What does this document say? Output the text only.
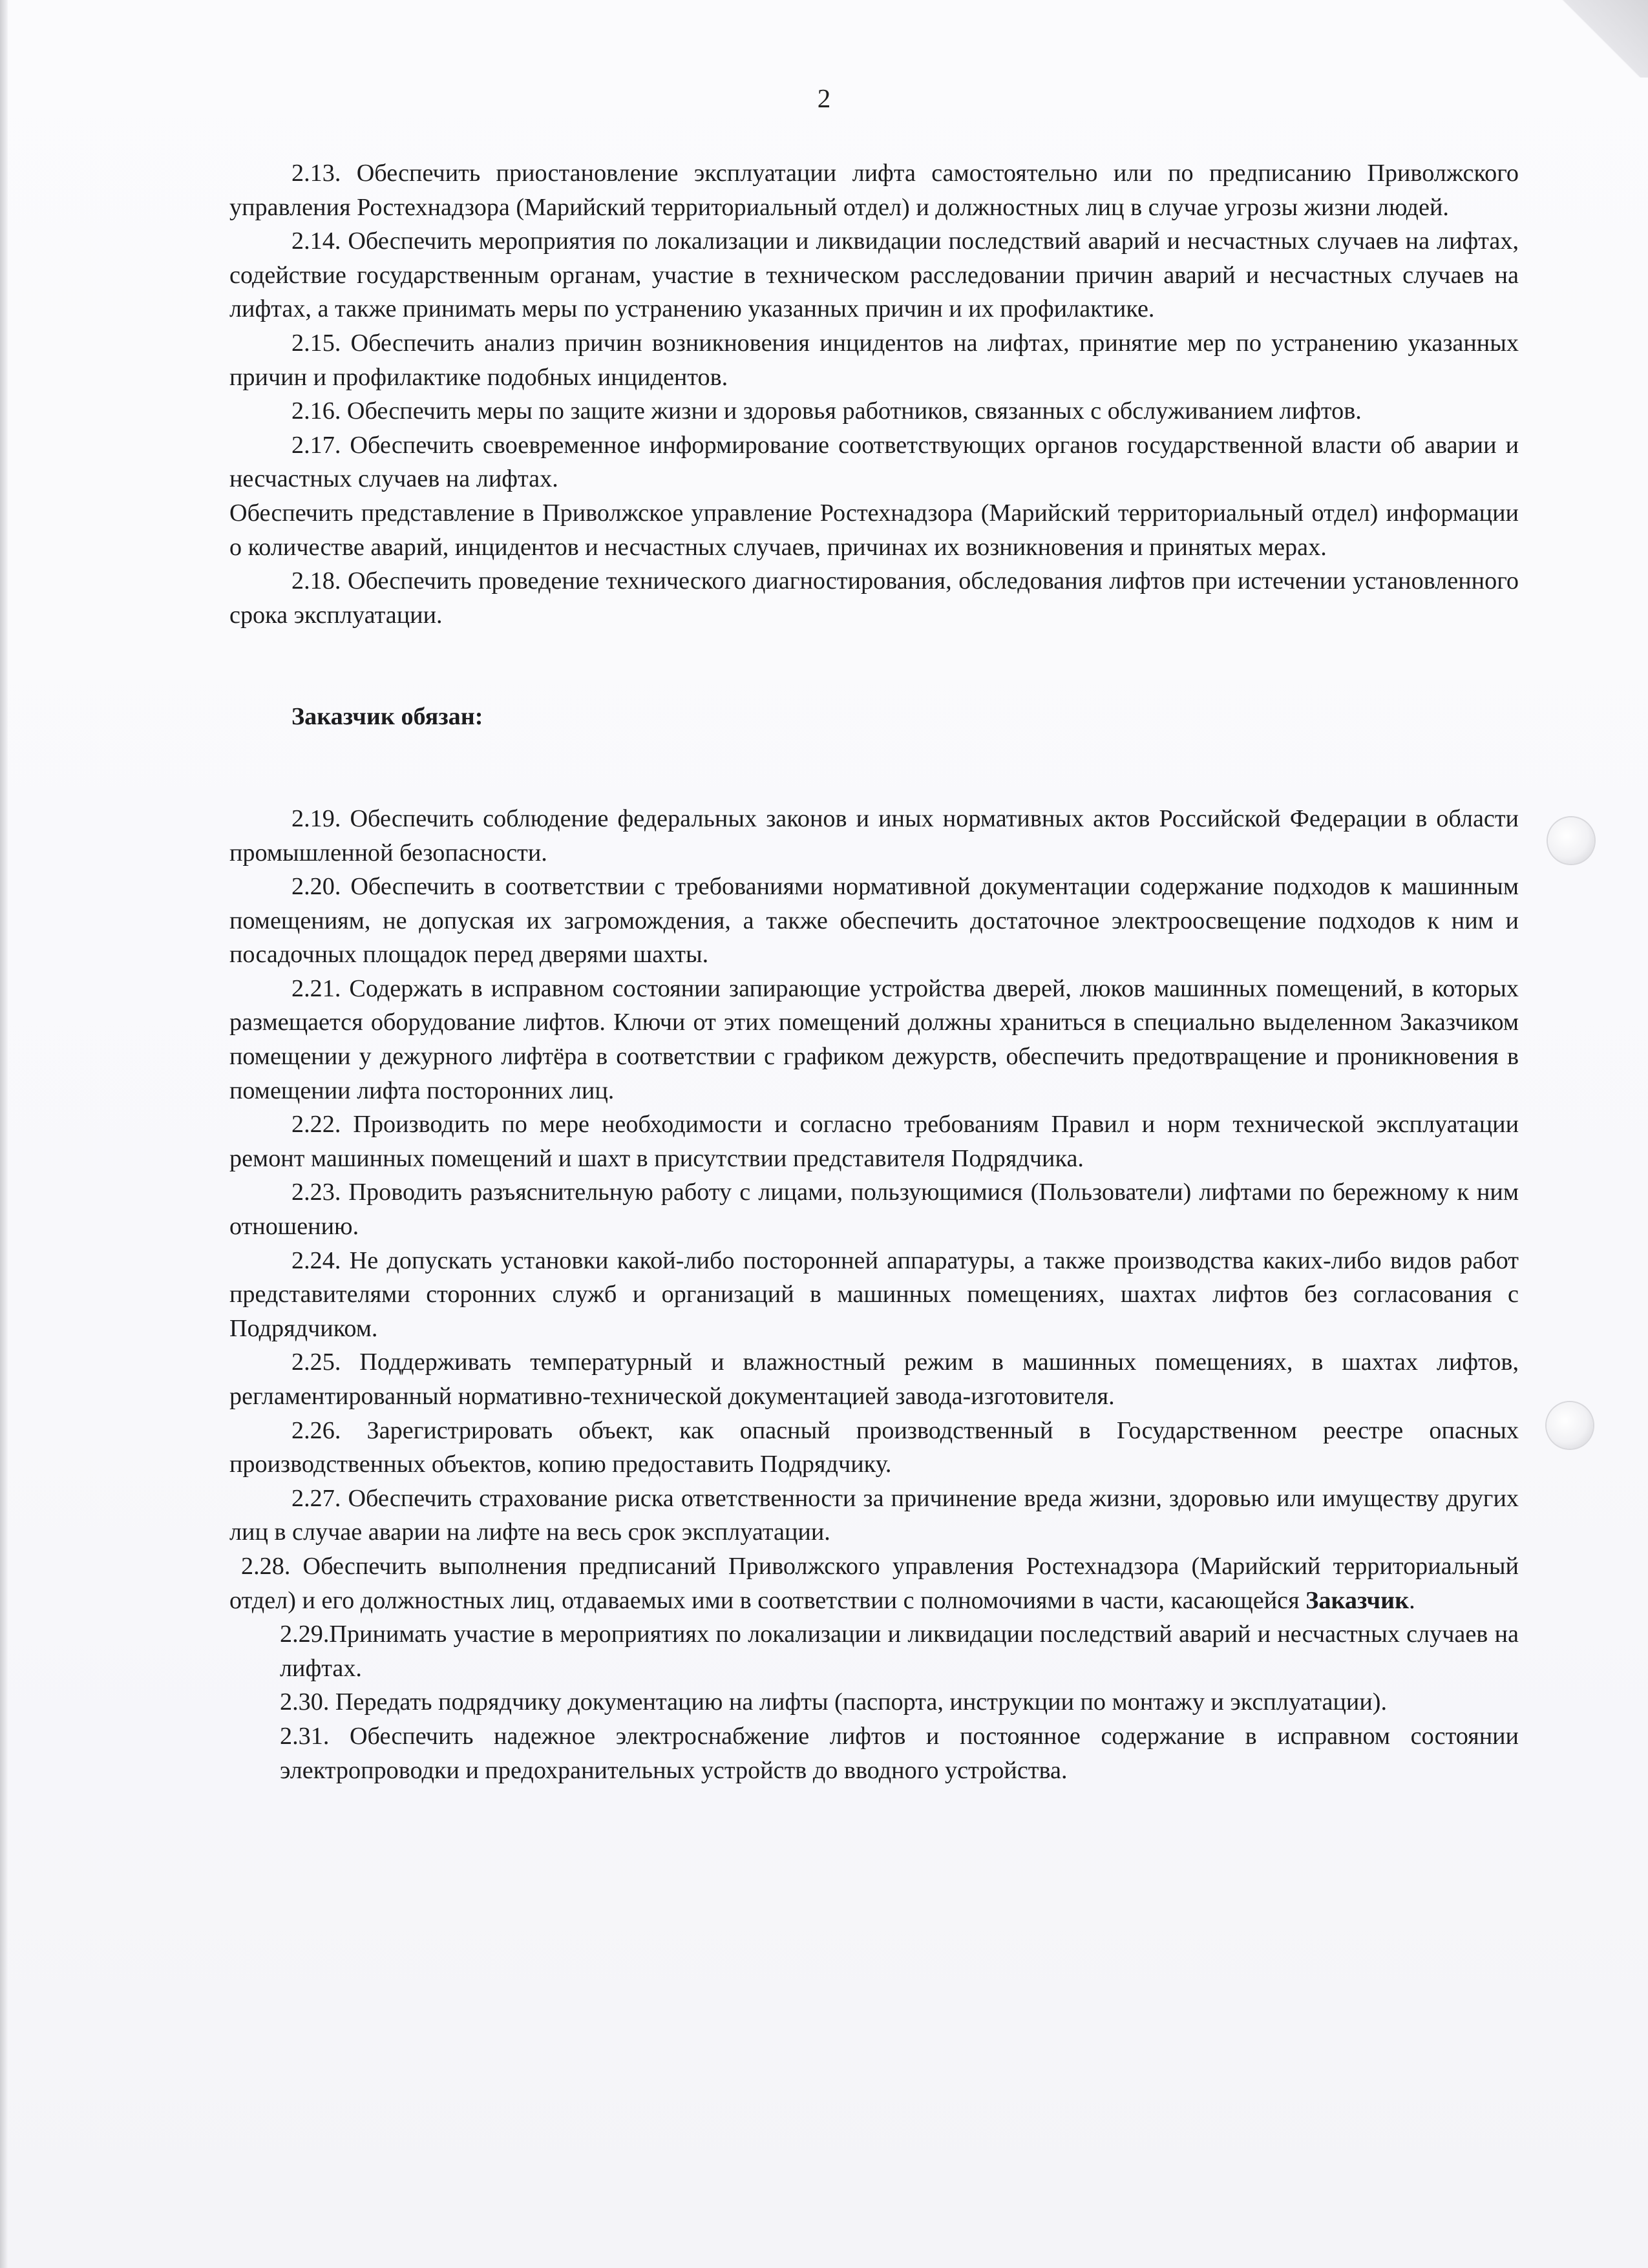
2

2.13. Обеспечить приостановление эксплуатации лифта самостоятельно или по предписанию Приволжского управления Ростехнадзора (Марийский территориальный отдел) и должностных лиц в случае угрозы жизни людей.

2.14. Обеспечить мероприятия по локализации и ликвидации последствий аварий и несчастных случаев на лифтах, содействие государственным органам, участие в техническом расследовании причин аварий и несчастных случаев на лифтах, а также принимать меры по устранению указанных причин и их профилактике.

2.15. Обеспечить анализ причин возникновения инцидентов на лифтах, принятие мер по устранению указанных причин и профилактике подобных инцидентов.

2.16. Обеспечить меры по защите жизни и здоровья работников, связанных с обслуживанием лифтов.

2.17. Обеспечить своевременное информирование соответствующих органов государственной власти об аварии и несчастных случаев на лифтах.

Обеспечить представление в Приволжское управление Ростехнадзора (Марийский территориальный отдел) информации о количестве аварий, инцидентов и несчастных случаев, причинах их возникновения и принятых мерах.

2.18. Обеспечить проведение технического диагностирования, обследования лифтов при истечении установленного срока эксплуатации.

Заказчик обязан:

2.19. Обеспечить соблюдение федеральных законов и иных нормативных актов Российской Федерации в области промышленной безопасности.

2.20. Обеспечить в соответствии с требованиями нормативной документации содержание подходов к машинным помещениям, не допуская их загромождения, а также обеспечить достаточное электроосвещение подходов к ним и посадочных площадок перед дверями шахты.

2.21. Содержать в исправном состоянии запирающие устройства дверей, люков машинных помещений, в которых размещается оборудование лифтов. Ключи от этих помещений должны храниться в специально выделенном Заказчиком помещении у дежурного лифтёра в соответствии с графиком дежурств, обеспечить предотвращение и проникновения в помещении лифта посторонних лиц.

2.22. Производить по мере необходимости и согласно требованиям Правил и норм технической эксплуатации ремонт машинных помещений и шахт в присутствии представителя Подрядчика.

2.23. Проводить разъяснительную работу с лицами, пользующимися (Пользователи) лифтами по бережному к ним отношению.

2.24. Не допускать установки какой-либо посторонней аппаратуры, а также производства каких-либо видов работ представителями сторонних служб и организаций в машинных помещениях, шахтах лифтов без согласования с Подрядчиком.

2.25. Поддерживать температурный и влажностный режим в машинных помещениях, в шахтах лифтов, регламентированный нормативно-технической документацией завода-изготовителя.

2.26. Зарегистрировать объект, как опасный производственный в Государственном реестре опасных производственных объектов, копию предоставить Подрядчику.

2.27. Обеспечить страхование риска ответственности за причинение вреда жизни, здоровью или имуществу других лиц в случае аварии на лифте на весь срок эксплуатации.

2.28. Обеспечить выполнения предписаний Приволжского управления Ростехнадзора (Марийский территориальный отдел) и его должностных лиц, отдаваемых ими в соответствии с полномочиями в части, касающейся Заказчик.

2.29.Принимать участие в мероприятиях по локализации и ликвидации последствий аварий и несчастных случаев на лифтах.

2.30. Передать подрядчику документацию на лифты (паспорта, инструкции по монтажу и эксплуатации).

2.31. Обеспечить надежное электроснабжение лифтов и постоянное содержание в исправном состоянии электропроводки и предохранительных устройств до вводного устройства.
